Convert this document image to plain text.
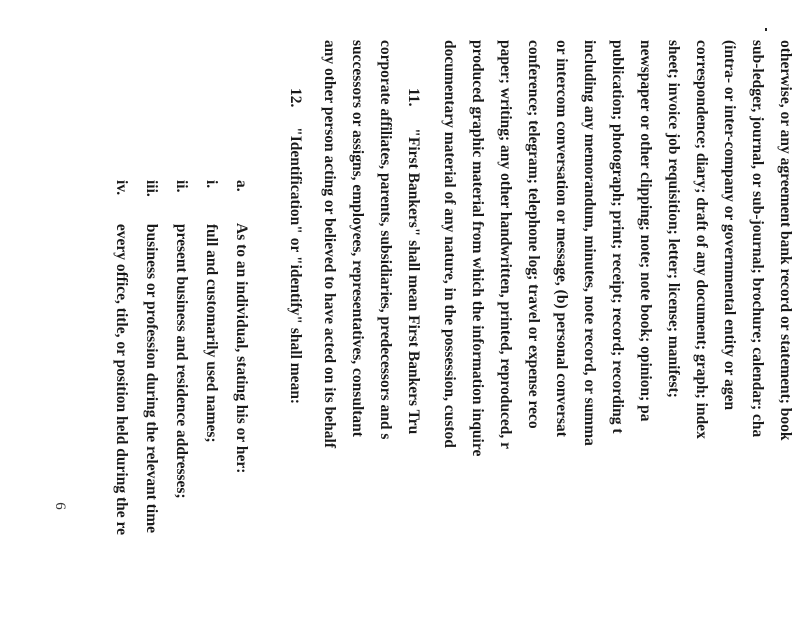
otherwise, or any agreement bank record or statement; book
sub-ledger, journal, or sub-journal; brochure; calendar; cha
(intra- or inter-company or governmental entity or agen
correspondence; diary; draft of any document; graph; index
sheet; invoice job requisition; letter; license; manifest;
newspaper or other clipping; note; note book; opinion; pa
publication; photograph; print; receipt; record; recording t
including any memorandum, minutes, note record, or summa
or intercom conversation or message, (b) personal conversat
conference; telegram; telephone log; travel or expense reco
paper; writing; any other handwritten, printed, reproduced, r
produced graphic material from which the information inquire
documentary material of any nature, in the possession, custod
11.  "First Bankers" shall mean First Bankers Tru
corporate affiliates, parents, subsidiaries, predecessors and s
successors or assigns, employees, representatives, consultant
any other person acting or believed to have acted on its behalf
12.  "Identification" or "identify" shall mean:
a. As to an individual, stating his or her:
i. full and customarily used names;
ii. present business and residence addresses;
iii. business or profession during the relevant time
iv. every office, title, or position held during the re
6
